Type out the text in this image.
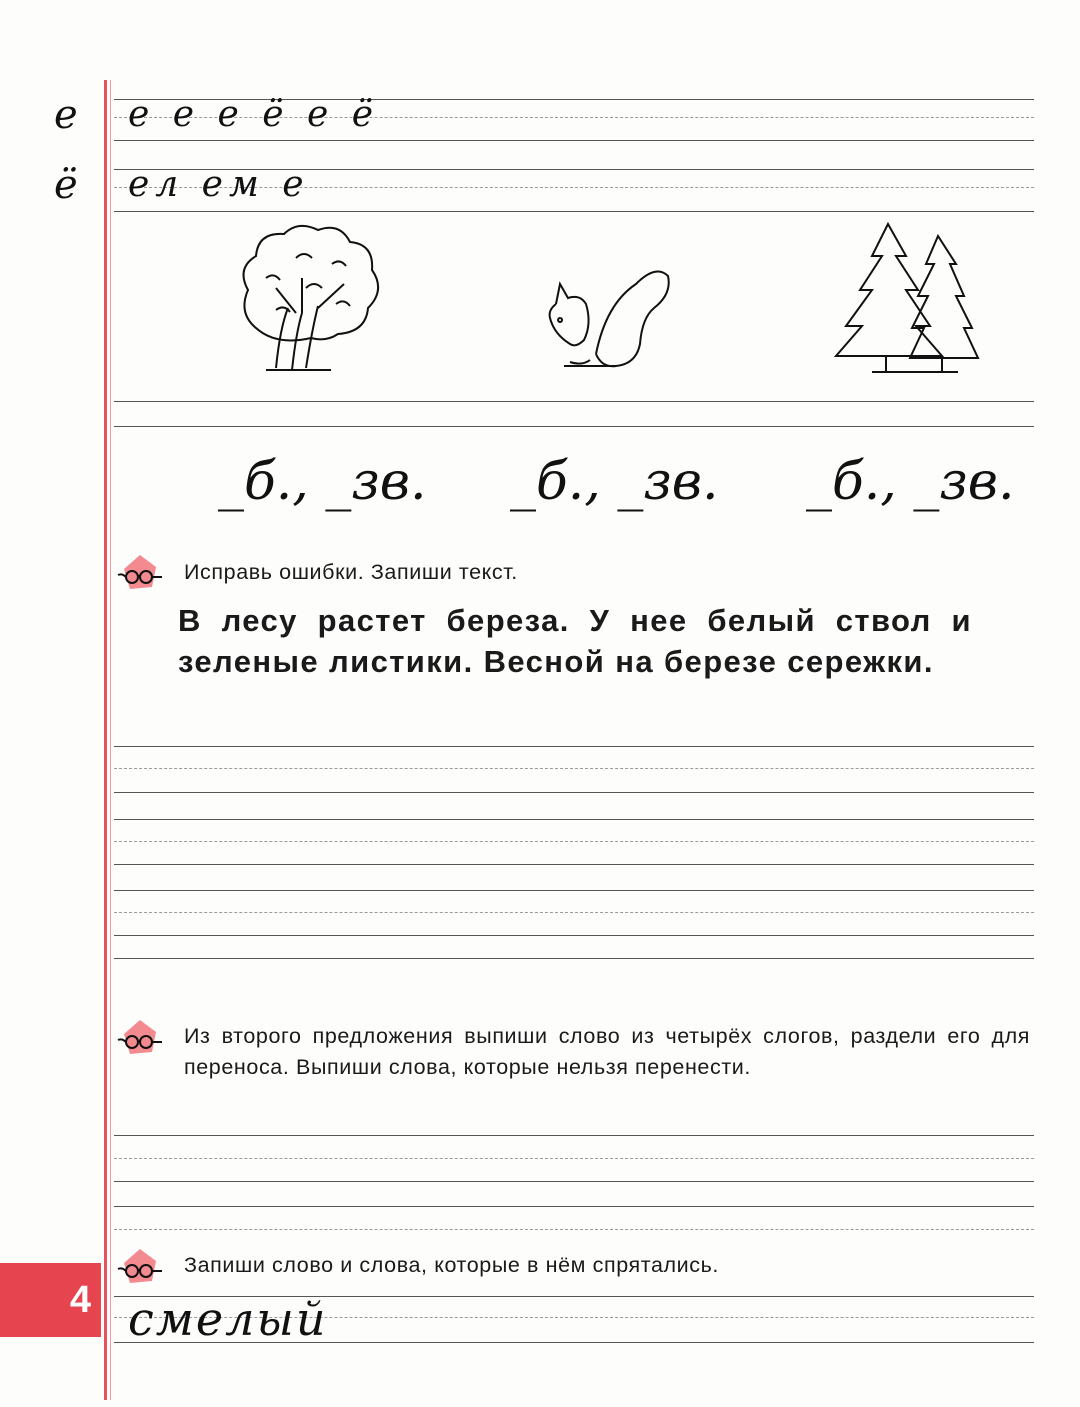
е
ё
е е е ё е ё
ел ем е
_б., _зв. _б., _зв. _б., _зв.
Исправь ошибки. Запиши текст.
В лесу растет береза. У нее белый ствол и зеленые листики. Весной на березе сережки.
Из второго предложения выпиши слово из четырёх слогов, раздели его для переноса. Выпиши слова, которые нельзя перенести.
Запиши слово и слова, которые в нём спрятались.
смелый
4
